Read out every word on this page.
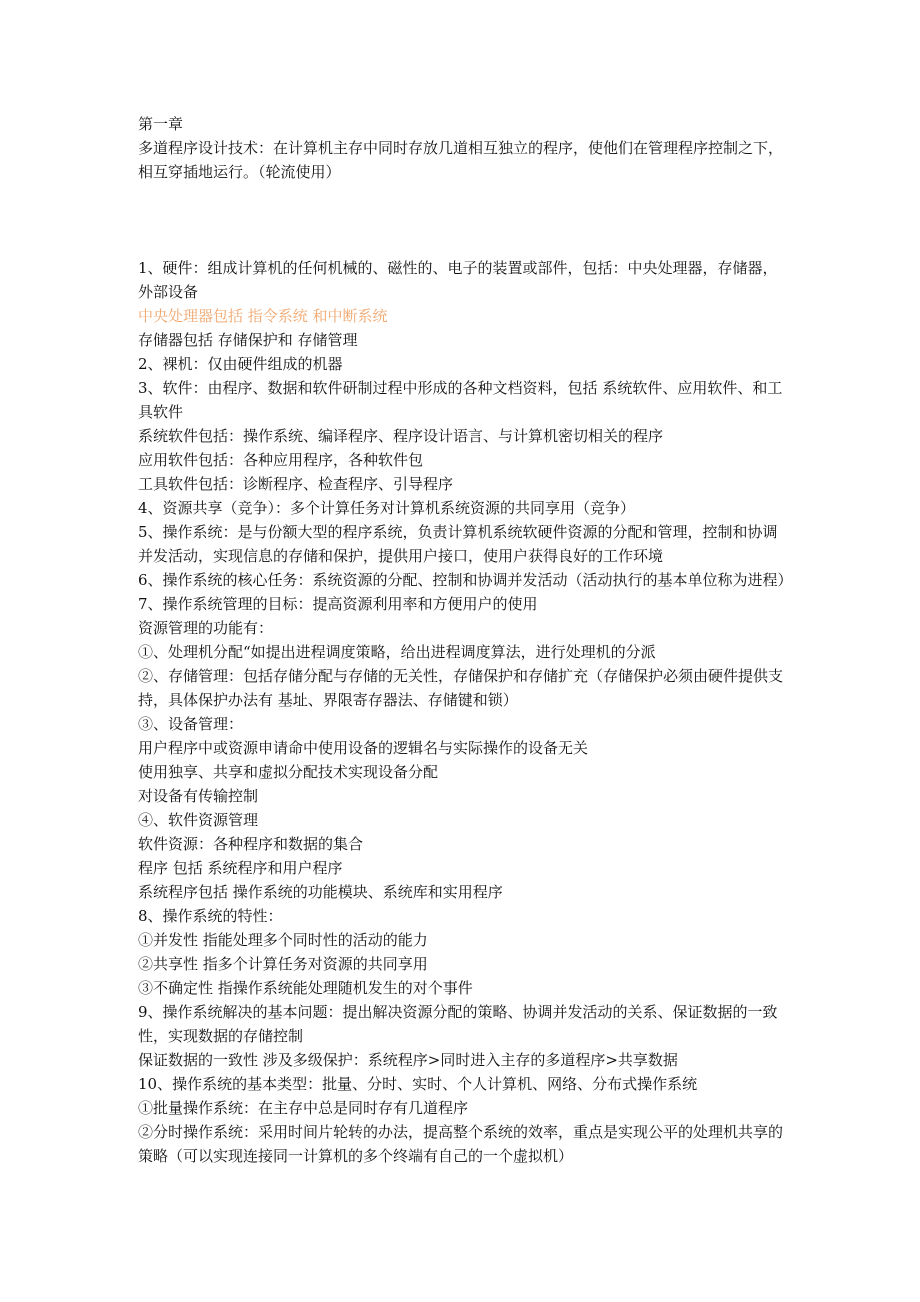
第一章

多道程序设计技术：在计算机主存中同时存放几道相互独立的程序，使他们在管理程序控制之下，相互穿插地运行。（轮流使用）

1、硬件：组成计算机的任何机械的、磁性的、电子的装置或部件，包括：中央处理器，存储器，外部设备

中央处理器包括 指令系统 和中断系统

存储器包括 存储保护和 存储管理

2、裸机：仅由硬件组成的机器

3、软件：由程序、数据和软件研制过程中形成的各种文档资料，包括 系统软件、应用软件、和工具软件

系统软件包括：操作系统、编译程序、程序设计语言、与计算机密切相关的程序

应用软件包括：各种应用程序，各种软件包

工具软件包括：诊断程序、检查程序、引导程序

4、资源共享（竞争）：多个计算任务对计算机系统资源的共同享用（竞争）

5、操作系统：是与份额大型的程序系统，负责计算机系统软硬件资源的分配和管理，控制和协调并发活动，实现信息的存储和保护，提供用户接口，使用户获得良好的工作环境

6、操作系统的核心任务：系统资源的分配、控制和协调并发活动（活动执行的基本单位称为进程）

7、操作系统管理的目标：提高资源利用率和方便用户的使用

资源管理的功能有：

①、处理机分配“如提出进程调度策略，给出进程调度算法，进行处理机的分派

②、存储管理：包括存储分配与存储的无关性，存储保护和存储扩充（存储保护必须由硬件提供支持，具体保护办法有 基址、界限寄存器法、存储键和锁）

③、设备管理：

用户程序中或资源申请命中使用设备的逻辑名与实际操作的设备无关

使用独享、共享和虚拟分配技术实现设备分配

对设备有传输控制

④、软件资源管理

软件资源：各种程序和数据的集合

程序 包括 系统程序和用户程序

系统程序包括 操作系统的功能模块、系统库和实用程序

8、操作系统的特性：

①并发性 指能处理多个同时性的活动的能力

②共享性 指多个计算任务对资源的共同享用

③不确定性 指操作系统能处理随机发生的对个事件

9、操作系统解决的基本问题：提出解决资源分配的策略、协调并发活动的关系、保证数据的一致性，实现数据的存储控制

保证数据的一致性 涉及多级保护：系统程序>同时进入主存的多道程序>共享数据

10、操作系统的基本类型：批量、分时、实时、个人计算机、网络、分布式操作系统

①批量操作系统：在主存中总是同时存有几道程序

②分时操作系统：采用时间片轮转的办法，提高整个系统的效率，重点是实现公平的处理机共享的策略（可以实现连接同一计算机的多个终端有自己的一个虚拟机）
